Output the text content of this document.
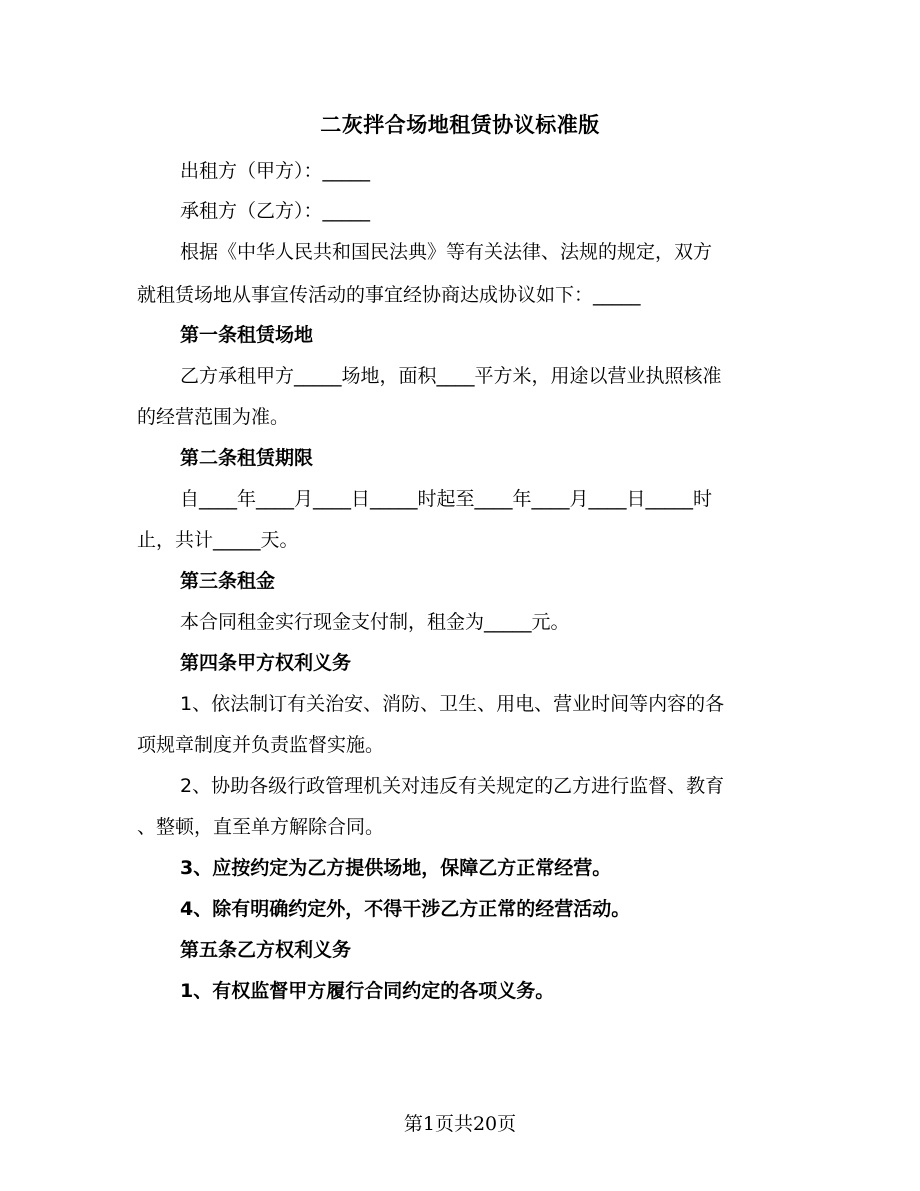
二灰拌合场地租赁协议标准版
出租方（甲方）：_____
承租方（乙方）：_____
根据《中华人民共和国民法典》等有关法律、法规的规定，双方
就租赁场地从事宣传活动的事宜经协商达成协议如下：_____
第一条租赁场地
乙方承租甲方_____场地，面积____平方米，用途以营业执照核准
的经营范围为准。
第二条租赁期限
自____年____月____日_____时起至____年____月____日_____时
止，共计_____天。
第三条租金
本合同租金实行现金支付制，租金为_____元。
第四条甲方权利义务
1、依法制订有关治安、消防、卫生、用电、营业时间等内容的各
项规章制度并负责监督实施。
2、协助各级行政管理机关对违反有关规定的乙方进行监督、教育
、整顿，直至单方解除合同。
3、应按约定为乙方提供场地，保障乙方正常经营。
4、除有明确约定外，不得干涉乙方正常的经营活动。
第五条乙方权利义务
1、有权监督甲方履行合同约定的各项义务。
第1页共20页
